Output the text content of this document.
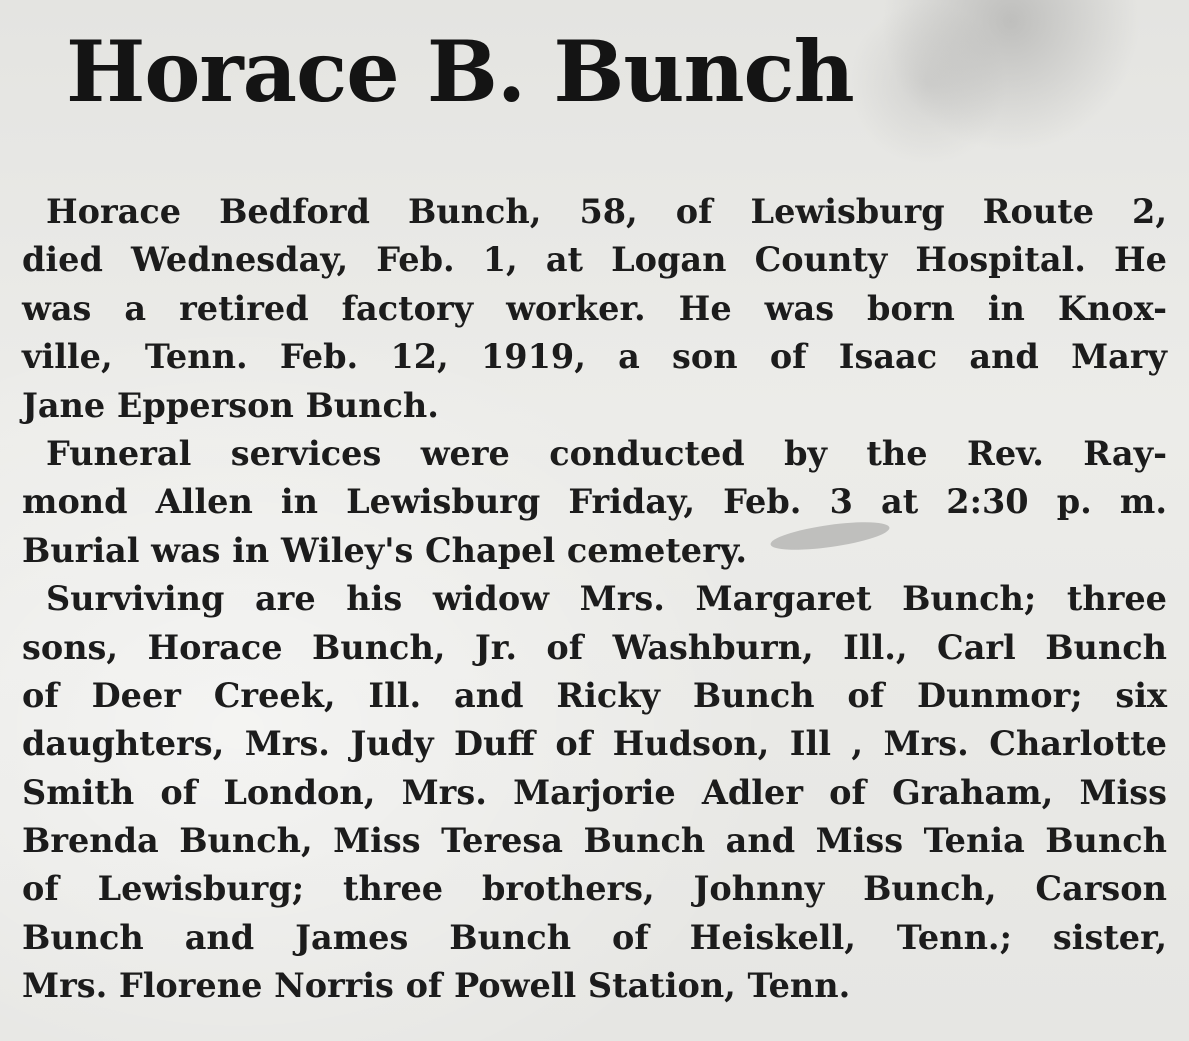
Horace B. Bunch
Horace Bedford Bunch, 58, of Lewisburg Route 2,
died Wednesday, Feb. 1, at Logan County Hospital. He
was a retired factory worker. He was born in Knox-
ville, Tenn. Feb. 12, 1919, a son of Isaac and Mary
Jane Epperson Bunch.
Funeral services were conducted by the Rev. Ray-
mond Allen in Lewisburg Friday, Feb. 3 at 2:30 p. m.
Burial was in Wiley's Chapel cemetery.
Surviving are his widow Mrs. Margaret Bunch; three
sons, Horace Bunch, Jr. of Washburn, Ill., Carl Bunch
of Deer Creek, Ill. and Ricky Bunch of Dunmor; six
daughters, Mrs. Judy Duff of Hudson, Ill , Mrs. Charlotte
Smith of London, Mrs. Marjorie Adler of Graham, Miss
Brenda Bunch, Miss Teresa Bunch and Miss Tenia Bunch
of Lewisburg; three brothers, Johnny Bunch, Carson
Bunch and James Bunch of Heiskell, Tenn.; sister,
Mrs. Florene Norris of Powell Station, Tenn.
